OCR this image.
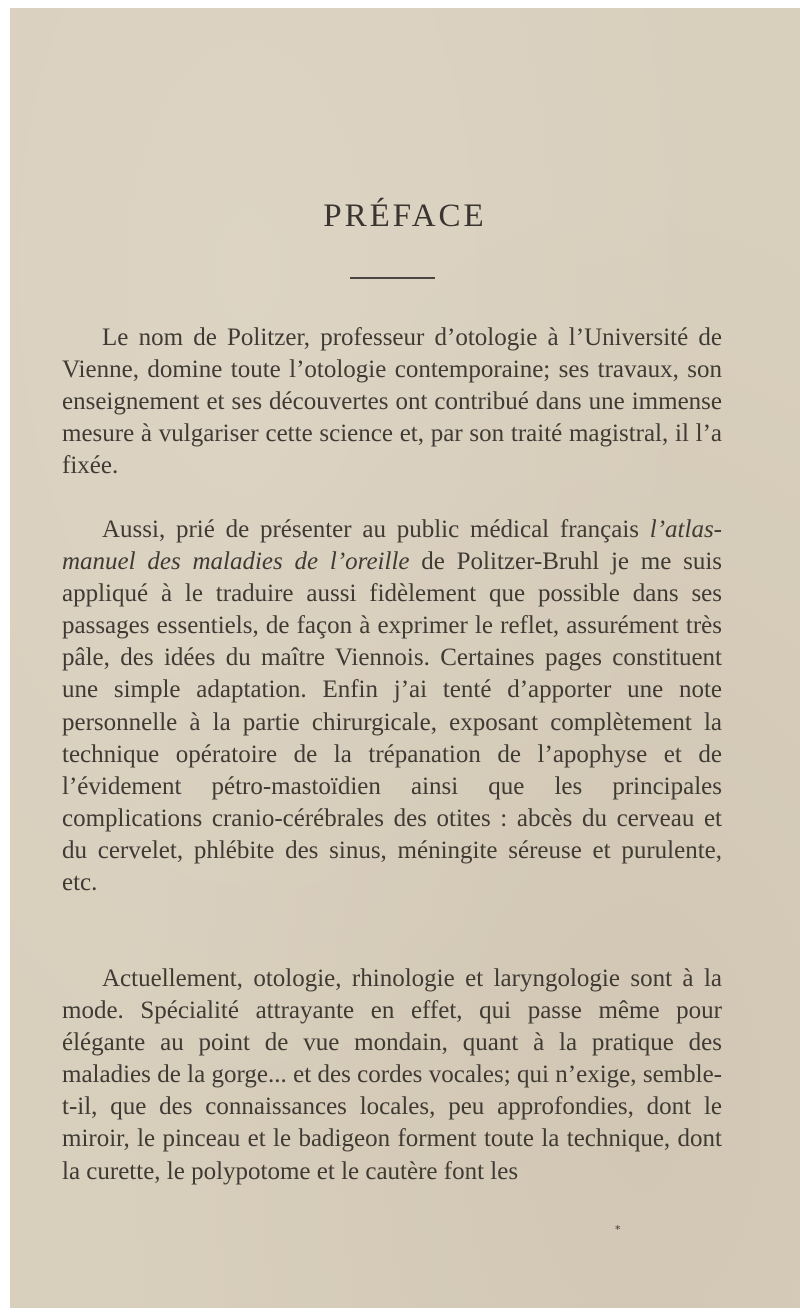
PRÉFACE

Le nom de Politzer, professeur d’otologie à l’Université de Vienne, domine toute l’otologie contemporaine; ses travaux, son enseignement et ses découvertes ont contribué dans une immense mesure à vulgariser cette science et, par son traité magistral, il l’a fixée.

Aussi, prié de présenter au public médical français l’atlas-manuel des maladies de l’oreille de Politzer-Bruhl je me suis appliqué à le traduire aussi fidèlement que possible dans ses passages essentiels, de façon à exprimer le reflet, assurément très pâle, des idées du maître Viennois. Certaines pages constituent une simple adaptation. Enfin j’ai tenté d’apporter une note personnelle à la partie chirurgicale, exposant complètement la technique opératoire de la trépanation de l’apophyse et de l’évidement pétro-mastoïdien ainsi que les principales complications cranio-cérébrales des otites : abcès du cerveau et du cervelet, phlébite des sinus, méningite séreuse et purulente, etc.

Actuellement, otologie, rhinologie et laryngologie sont à la mode. Spécialité attrayante en effet, qui passe même pour élégante au point de vue mondain, quant à la pratique des maladies de la gorge... et des cordes vocales; qui n’exige, semble-t-il, que des connaissances locales, peu approfondies, dont le miroir, le pinceau et le badigeon forment toute la technique, dont la curette, le polypotome et le cautère font les

*
